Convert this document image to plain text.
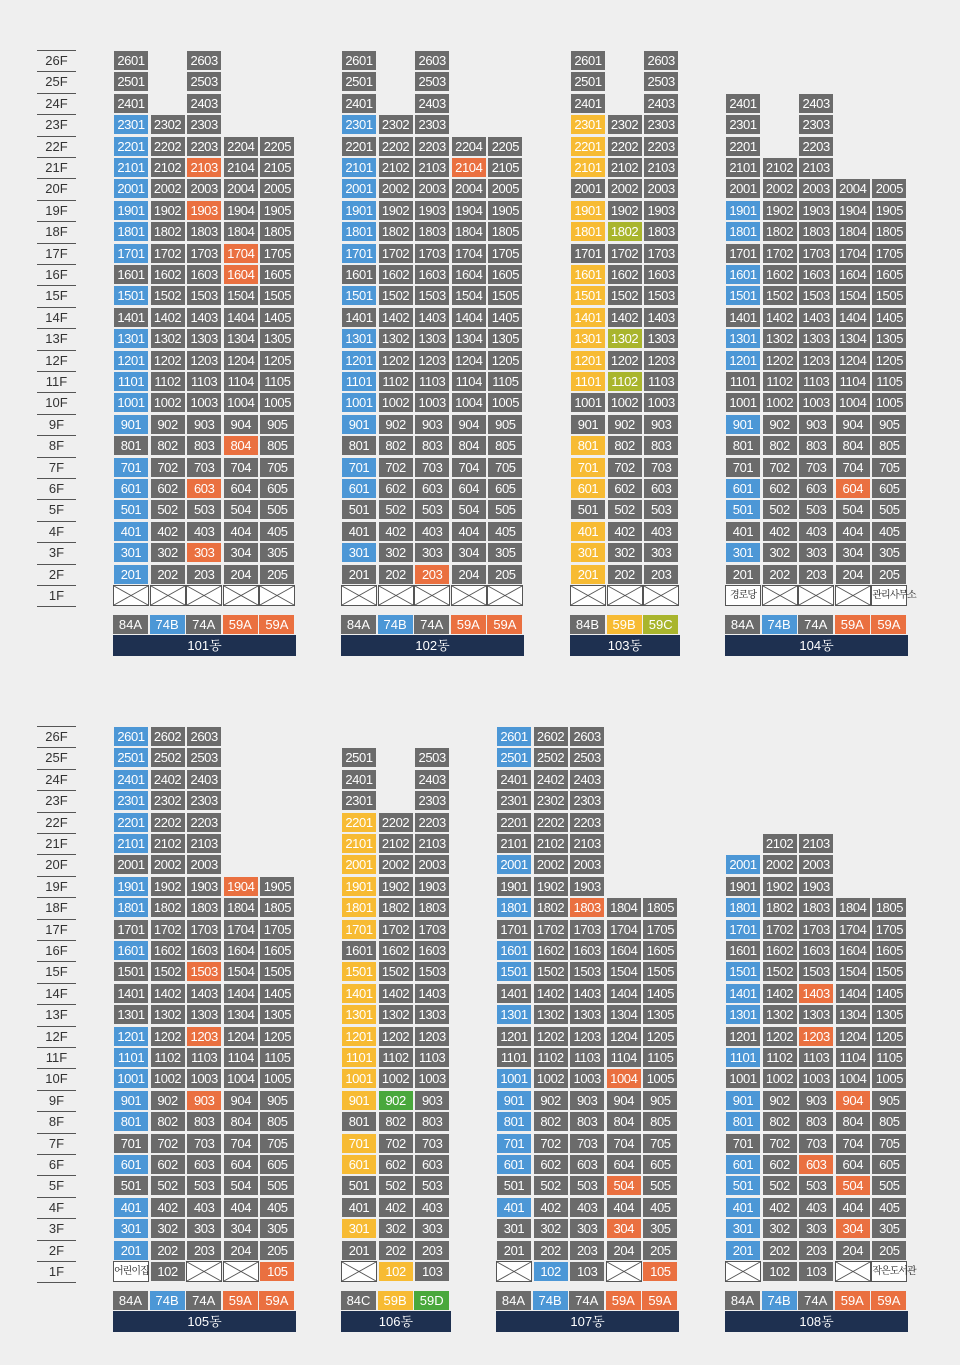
26F
25F
24F
23F
22F
21F
20F
19F
18F
17F
16F
15F
14F
13F
12F
11F
10F
9F
8F
7F
6F
5F
4F
3F
2F
1F
26F
25F
24F
23F
22F
21F
20F
19F
18F
17F
16F
15F
14F
13F
12F
11F
10F
9F
8F
7F
6F
5F
4F
3F
2F
1F
2601
2501
2401
2301
2201
2101
2001
1901
1801
1701
1601
1501
1401
1301
1201
1101
1001
901
801
701
601
501
401
301
201
84A
2302
2202
2102
2002
1902
1802
1702
1602
1502
1402
1302
1202
1102
1002
902
802
702
602
502
402
302
202
74B
2603
2503
2403
2303
2203
2103
2003
1903
1803
1703
1603
1503
1403
1303
1203
1103
1003
903
803
703
603
503
403
303
203
74A
2204
2104
2004
1904
1804
1704
1604
1504
1404
1304
1204
1104
1004
904
804
704
604
504
404
304
204
59A
2205
2105
2005
1905
1805
1705
1605
1505
1405
1305
1205
1105
1005
905
805
705
605
505
405
305
205
59A
101동
2601
2501
2401
2301
2201
2101
2001
1901
1801
1701
1601
1501
1401
1301
1201
1101
1001
901
801
701
601
501
401
301
201
84A
2302
2202
2102
2002
1902
1802
1702
1602
1502
1402
1302
1202
1102
1002
902
802
702
602
502
402
302
202
74B
2603
2503
2403
2303
2203
2103
2003
1903
1803
1703
1603
1503
1403
1303
1203
1103
1003
903
803
703
603
503
403
303
203
74A
2204
2104
2004
1904
1804
1704
1604
1504
1404
1304
1204
1104
1004
904
804
704
604
504
404
304
204
59A
2205
2105
2005
1905
1805
1705
1605
1505
1405
1305
1205
1105
1005
905
805
705
605
505
405
305
205
59A
102동
2601
2501
2401
2301
2201
2101
2001
1901
1801
1701
1601
1501
1401
1301
1201
1101
1001
901
801
701
601
501
401
301
201
84B
2302
2202
2102
2002
1902
1802
1702
1602
1502
1402
1302
1202
1102
1002
902
802
702
602
502
402
302
202
59B
2603
2503
2403
2303
2203
2103
2003
1903
1803
1703
1603
1503
1403
1303
1203
1103
1003
903
803
703
603
503
403
303
203
59C
103동
2401
2301
2201
2101
2001
1901
1801
1701
1601
1501
1401
1301
1201
1101
1001
901
801
701
601
501
401
301
201
경로당
84A
2102
2002
1902
1802
1702
1602
1502
1402
1302
1202
1102
1002
902
802
702
602
502
402
302
202
74B
2403
2303
2203
2103
2003
1903
1803
1703
1603
1503
1403
1303
1203
1103
1003
903
803
703
603
503
403
303
203
74A
2004
1904
1804
1704
1604
1504
1404
1304
1204
1104
1004
904
804
704
604
504
404
304
204
59A
2005
1905
1805
1705
1605
1505
1405
1305
1205
1105
1005
905
805
705
605
505
405
305
205
관리사무소
59A
104동
2601
2501
2401
2301
2201
2101
2001
1901
1801
1701
1601
1501
1401
1301
1201
1101
1001
901
801
701
601
501
401
301
201
어린이집
84A
2602
2502
2402
2302
2202
2102
2002
1902
1802
1702
1602
1502
1402
1302
1202
1102
1002
902
802
702
602
502
402
302
202
102
74B
2603
2503
2403
2303
2203
2103
2003
1903
1803
1703
1603
1503
1403
1303
1203
1103
1003
903
803
703
603
503
403
303
203
74A
1904
1804
1704
1604
1504
1404
1304
1204
1104
1004
904
804
704
604
504
404
304
204
59A
1905
1805
1705
1605
1505
1405
1305
1205
1105
1005
905
805
705
605
505
405
305
205
105
59A
105동
2501
2401
2301
2201
2101
2001
1901
1801
1701
1601
1501
1401
1301
1201
1101
1001
901
801
701
601
501
401
301
201
84C
2202
2102
2002
1902
1802
1702
1602
1502
1402
1302
1202
1102
1002
902
802
702
602
502
402
302
202
102
59B
2503
2403
2303
2203
2103
2003
1903
1803
1703
1603
1503
1403
1303
1203
1103
1003
903
803
703
603
503
403
303
203
103
59D
106동
2601
2501
2401
2301
2201
2101
2001
1901
1801
1701
1601
1501
1401
1301
1201
1101
1001
901
801
701
601
501
401
301
201
84A
2602
2502
2402
2302
2202
2102
2002
1902
1802
1702
1602
1502
1402
1302
1202
1102
1002
902
802
702
602
502
402
302
202
102
74B
2603
2503
2403
2303
2203
2103
2003
1903
1803
1703
1603
1503
1403
1303
1203
1103
1003
903
803
703
603
503
403
303
203
103
74A
1804
1704
1604
1504
1404
1304
1204
1104
1004
904
804
704
604
504
404
304
204
59A
1805
1705
1605
1505
1405
1305
1205
1105
1005
905
805
705
605
505
405
305
205
105
59A
107동
2001
1901
1801
1701
1601
1501
1401
1301
1201
1101
1001
901
801
701
601
501
401
301
201
84A
2102
2002
1902
1802
1702
1602
1502
1402
1302
1202
1102
1002
902
802
702
602
502
402
302
202
102
74B
2103
2003
1903
1803
1703
1603
1503
1403
1303
1203
1103
1003
903
803
703
603
503
403
303
203
103
74A
1804
1704
1604
1504
1404
1304
1204
1104
1004
904
804
704
604
504
404
304
204
59A
1805
1705
1605
1505
1405
1305
1205
1105
1005
905
805
705
605
505
405
305
205
작은도서관
59A
108동
